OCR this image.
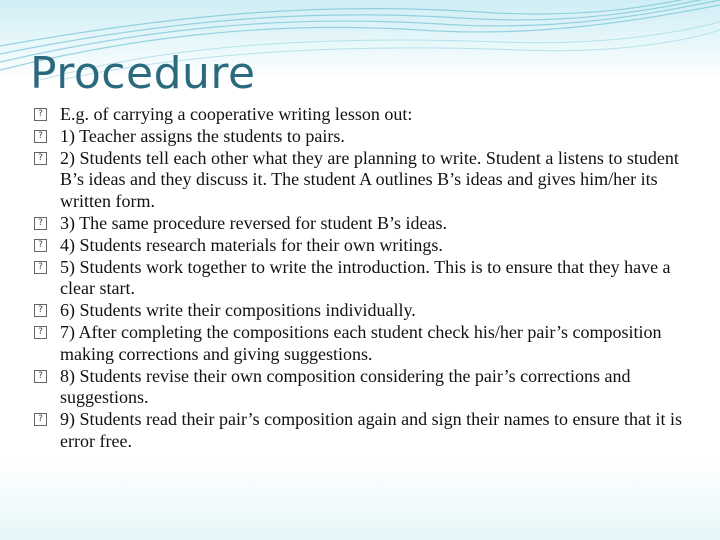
Procedure
? E.g. of carrying a cooperative writing lesson out:
? 1) Teacher assigns the students to pairs.
? 2) Students tell each other what they are planning to write. Student a listens to student B’s ideas and they discuss it. The student A outlines B’s ideas and gives him/her its written form.
? 3) The same procedure reversed for student B’s ideas.
? 4) Students research materials for their own writings.
? 5) Students work together to write the introduction. This is to ensure that they have a clear start.
? 6) Students write their compositions individually.
? 7) After completing the compositions each student check his/her pair’s composition making corrections and giving suggestions.
? 8) Students revise their own composition considering the pair’s corrections and suggestions.
? 9) Students read their pair’s composition again and sign their names to ensure that it is error free.
